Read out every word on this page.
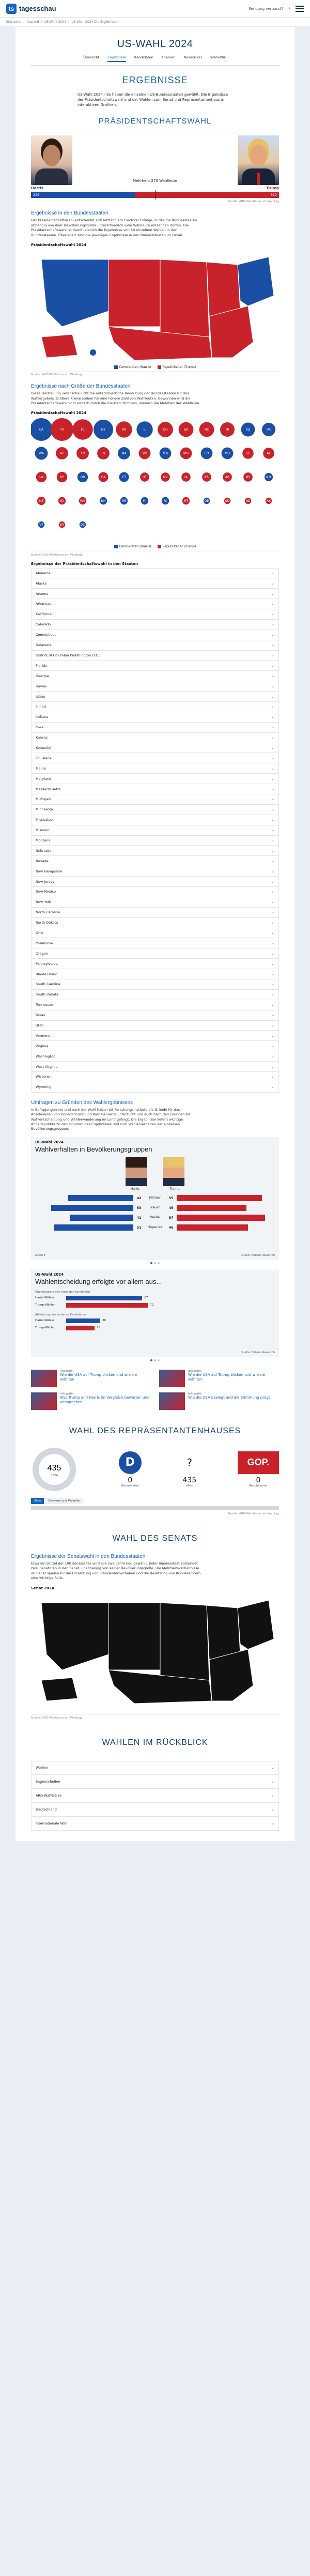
ts tagesschau	Sendung verpasst? ⌕
Startseite › Ausland › US-Wahl 2024 › US-Wahl 2024 Die Ergebnisse
US-WAHL 2024
Übersicht Ergebnisse Kandidaten Themen Newsticker Wahl-Wiki
ERGEBNISSE
US-Wahl 2024 - So haben die einzelnen US-Bundesstaaten gewählt. Die Ergebnisse der Präsidentschaftswahl und der Wahlen zum Senat und Repräsentantenhaus in interaktiven Grafiken.
PRÄSIDENTSCHAFTSWAHL
Mehrheit: 270 Wahlleute
Harris	Trump
226	312
Quelle: ARD-Wahlbörse am Wahltag
Ergebnisse in den Bundesstaaten

Der Präsidentschaftswahl entscheidet sich letztlich am Electoral College, in das die Bundesstaaten abhängig von ihrer Bevölkerungsgröße unterschiedlich viele Wahlleute entsenden dürfen. Die Präsidentschaftswahl ist damit letztlich die Ergebnisse von 50 einzelnen Wahlen in den Bundesstaaten. Überlagert sind die jeweiligen Ergebnisse in den Bundesstaaten im Detail.

Präsidentschaftswahl 2024
Demokraten (Harris)	Republikaner (Trump)
Quelle: ARD-Wahlbörse am Wahltag
Ergebnisse nach Größe der Bundesstaaten

Diese Darstellung veranschaulicht die unterschiedliche Bedeutung der Bundesstaaten für das Wahlergebnis. Größere Kreise stehen für eine höhere Zahl von Wahlleuten. Gewonnen wird die Präsidentschaftswahl nicht einfach durch die meisten Stimmen, sondern die Mehrheit der Wahlleute.

Präsidentschaftswahl 2024
CA	TX	FL	NY	PA	IL	OH	GA	NC	MI	NJ	VA
WA	AZ	TN	IN	MA	WI	MN	MO	CO	MD	SC	AL
LA	KY	OR	OK	CT	UT	NV	IA	KS	AR	MS	NM
NE	ID	WV	NH	ME	HI	RI	MT	DE	SD	ND	AK
VT	WY	DC
Demokraten (Harris)	Republikaner (Trump)
Quelle: ARD-Wahlbörse am Wahltag
Ergebnisse der Präsidentschaftswahl in den Staaten
Alabama	⌄
Alaska	⌄
Arizona	⌄
Arkansas	⌄
Kalifornien	⌄
Colorado	⌄
Connecticut	⌄
Delaware	⌄
District of Columbia (Washington D.C.)	⌄
Florida	⌄
Georgia	⌄
Hawaii	⌄
Idaho	⌄
Illinois	⌄
Indiana	⌄
Iowa	⌄
Kansas	⌄
Kentucky	⌄
Louisiana	⌄
Maine	⌄
Maryland	⌄
Massachusetts	⌄
Michigan	⌄
Minnesota	⌄
Mississippi	⌄
Missouri	⌄
Montana	⌄
Nebraska	⌄
Nevada	⌄
New Hampshire	⌄
New Jersey	⌄
New Mexico	⌄
New York	⌄
North Carolina	⌄
North Dakota	⌄
Ohio	⌄
Oklahoma	⌄
Oregon	⌄
Pennsylvania	⌄
Rhode Island	⌄
South Carolina	⌄
South Dakota	⌄
Tennessee	⌄
Texas	⌄
Utah	⌄
Vermont	⌄
Virginia	⌄
Washington	⌄
West Virginia	⌄
Wisconsin	⌄
Wyoming	⌄
Umfragen zu Gründen des Wahlergebnisses

In Befragungen vor und nach der Wahl haben US-Forschungsinstitute die Gründe für das Abschneiden von Donald Trump und Kamala Harris untersucht und auch nach den Gründen für Wahlentscheidung und Wählerwanderung im Land gefragt. Die Ergebnisse liefern wichtige Anhaltspunkte zu den Gründen des Ergebnisses und zum Wählerverhalten der einzelnen Bevölkerungsgruppen.

US-Wahl 2024
Wahlverhalten in Bevölkerungsgruppen
Harris	Trump
42	Männer	55
53	Frauen	45
41	Weiße	57
51	Hispanics	46
Menü ▾	Quelle: Edison Research
US-Wahl 2024
Wahlentscheidung erfolgte vor allem aus...
Überzeugung von Kandidat/Kandidatin
Harris-Wähler	67
Trump-Wähler	72
Ablehnung des anderen Kandidaten
Harris-Wähler	30
Trump-Wähler	25
Quelle: Edison Research
Infografik
Wie die USA auf Trump blicken und wie sie wählten
Infografik
Wie die USA auf Trump blicken und wie sie wählten
Infografik
Was Trump und Harris im Vergleich bewerten und versprachen
Infografik
Wie die USA bewegt und die Stimmung prägt
WAHL DES REPRÄSENTANTENHAUSES
435
Sitze
D
0
Demokraten
?
435
offen
GOP.
0
Republikaner
Sitze	Gewinne und Verluste
Quelle: ARD-Wahlbörse am Wahltag
WAHL DES SENATS
Ergebnisse der Senatswahl in den Bundesstaaten

Etwa ein Drittel der 100 Senatssitze wird alle zwei Jahre neu gewählt. Jeder Bundesstaat entsendet zwei Senatoren in den Senat, unabhängig von seiner Bevölkerungsgröße. Die Mehrheitsverhältnisse im Senat spielen für die Umsetzung von Präsidentenvorhaben und die Besetzung von Bundesämtern eine wichtige Rolle.

Senat 2024
Quelle: ARD-Wahlbörse am Wahltag
WAHLEN IM RÜCKBLICK
Wahlen	⌄
Sagenscheiber	⌄
ARD-Wahlbörse	⌄
Deutschland	⌄
Internationale Wahl	⌄
